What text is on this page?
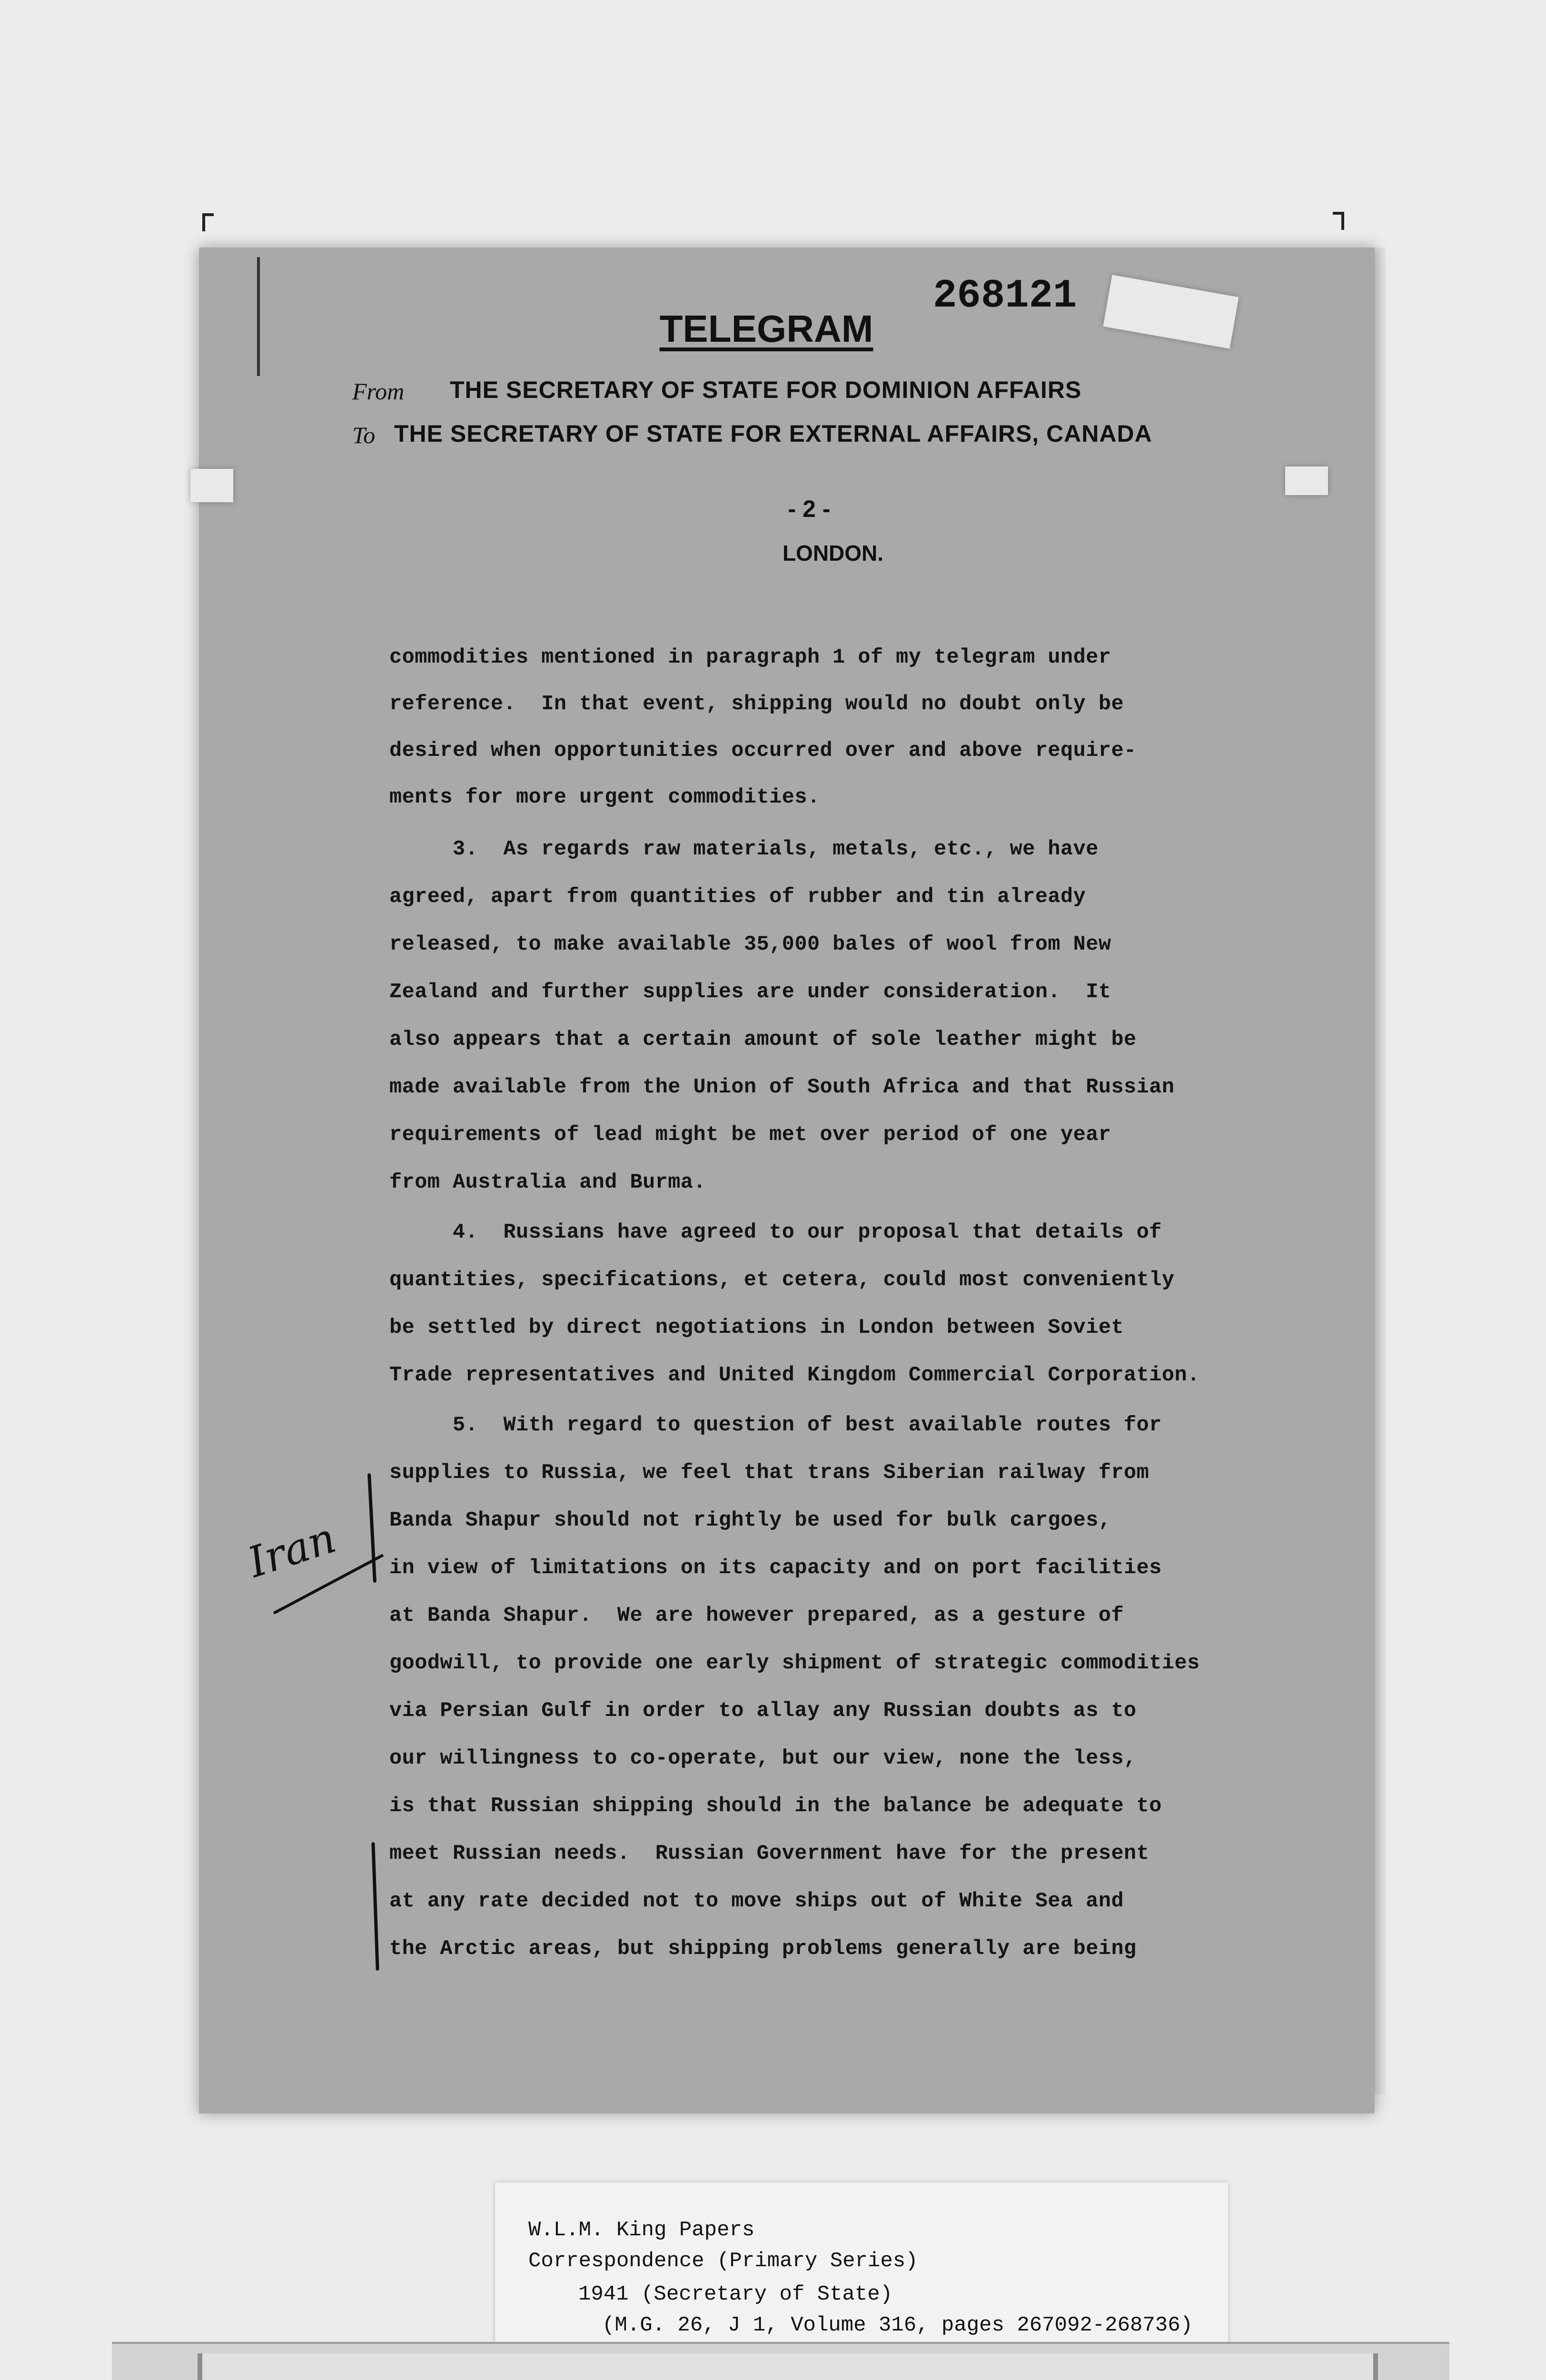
268121
TELEGRAM
From THE SECRETARY OF STATE FOR DOMINION AFFAIRS
To THE SECRETARY OF STATE FOR EXTERNAL AFFAIRS, CANADA
- 2 -
LONDON.
commodities mentioned in paragraph 1 of my telegram under
reference.  In that event, shipping would no doubt only be
desired when opportunities occurred over and above require-
ments for more urgent commodities.
3.  As regards raw materials, metals, etc., we have
agreed, apart from quantities of rubber and tin already
released, to make available 35,000 bales of wool from New
Zealand and further supplies are under consideration.  It
also appears that a certain amount of sole leather might be
made available from the Union of South Africa and that Russian
requirements of lead might be met over period of one year
from Australia and Burma.
4.  Russians have agreed to our proposal that details of
quantities, specifications, et cetera, could most conveniently
be settled by direct negotiations in London between Soviet
Trade representatives and United Kingdom Commercial Corporation.
5.  With regard to question of best available routes for
supplies to Russia, we feel that trans Siberian railway from
Banda Shapur should not rightly be used for bulk cargoes,
in view of limitations on its capacity and on port facilities
at Banda Shapur.  We are however prepared, as a gesture of
goodwill, to provide one early shipment of strategic commodities
via Persian Gulf in order to allay any Russian doubts as to
our willingness to co-operate, but our view, none the less,
is that Russian shipping should in the balance be adequate to
meet Russian needs.  Russian Government have for the present
at any rate decided not to move ships out of White Sea and
the Arctic areas, but shipping problems generally are being
Iran
W.L.M. King Papers
Correspondence (Primary Series)
1941 (Secretary of State)
(M.G. 26, J 1, Volume 316, pages 267092-268736)
